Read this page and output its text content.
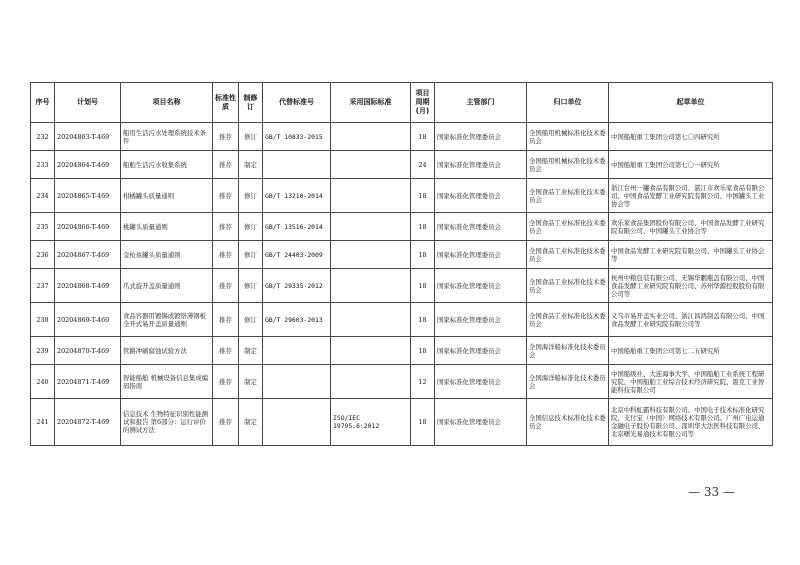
序号	计划号	项目名称	标准性质	制修订	代替标准号	采用国际标准	项目周期(月)	主管部门	归口单位	起草单位
232	20204863-T-469	船用生活污水处理系统技术条件	推荐	修订	GB/T 10833-2015		18	国家标准化管理委员会	全国船用机械标准化技术委员会	中国船舶重工集团公司第七〇四研究所
233	20204864-T-469	船舶生活污水收集系统	推荐	制定			24	国家标准化管理委员会	全国船用机械标准化技术委员会	中国船舶重工集团公司第七〇一研究所
234	20204865-T-469	柑橘罐头质量通则	推荐	修订	GB/T 13210-2014		18	国家标准化管理委员会	全国食品工业标准化技术委员会	浙江台州一罐食品有限公司、湛江市欢乐家食品有限公司、中国食品发酵工业研究院有限公司、中国罐头工业协会等
235	20204866-T-469	桃罐头质量通则	推荐	修订	GB/T 13516-2014		18	国家标准化管理委员会	全国食品工业标准化技术委员会	欢乐家食品集团股份有限公司、中国食品发酵工业研究院有限公司、中国罐头工业协会等
236	20204867-T-469	金枪鱼罐头质量通则	推荐	修订	GB/T 24403-2009		18	国家标准化管理委员会	全国食品工业标准化技术委员会	中国食品发酵工业研究院有限公司、中国罐头工业协会等
237	20204868-T-469	爪式旋开盖质量通则	推荐	修订	GB/T 29335-2012		18	国家标准化管理委员会	全国食品工业标准化技术委员会	杭州中粮包装有限公司、无锡华鹏瓶盖有限公司、中国食品发酵工业研究院有限公司、苏州华源控股股份有限公司等
238	20204869-T-469	食品容器用镀锡或镀铬薄钢板全开式易开盖质量通则	推荐	修订	GB/T 29603-2013		18	国家标准化管理委员会	全国食品工业标准化技术委员会	义乌市易开盖实业公司、浙江昌鸿制盖有限公司、中国食品发酵工业研究院有限公司等
239	20204870-T-469	管路冲刷腐蚀试验方法	推荐	制定			18	国家标准化管理委员会	全国海洋船标准化技术委员会	中国船舶重工集团公司第七二五研究所
240	20204871-T-469	智能船舶 机械设备信息集成编码指南	推荐	制定			12	国家标准化管理委员会	全国海洋船标准化技术委员会	中国船级社、大连海事大学、中国船舶工业系统工程研究院、中国船舶工业综合技术经济研究院、震克工业智能科技有限公司
241	20204872-T-469	信息技术 生物特征识别性能测试和报告 第6部分：运行评价的测试方法	推荐	制定		ISO/IEC 19795.6:2012	18	国家标准化管理委员会	全国信息技术标准化技术委员会	北京中科虹霸科技有限公司、中国电子技术标准化研究院、支付宝（中国）网络技术有限公司、广州广电运通金融电子股份有限公司、深圳华大法医科技有限公司、北京曙光易通技术有限公司等
— 33 —
